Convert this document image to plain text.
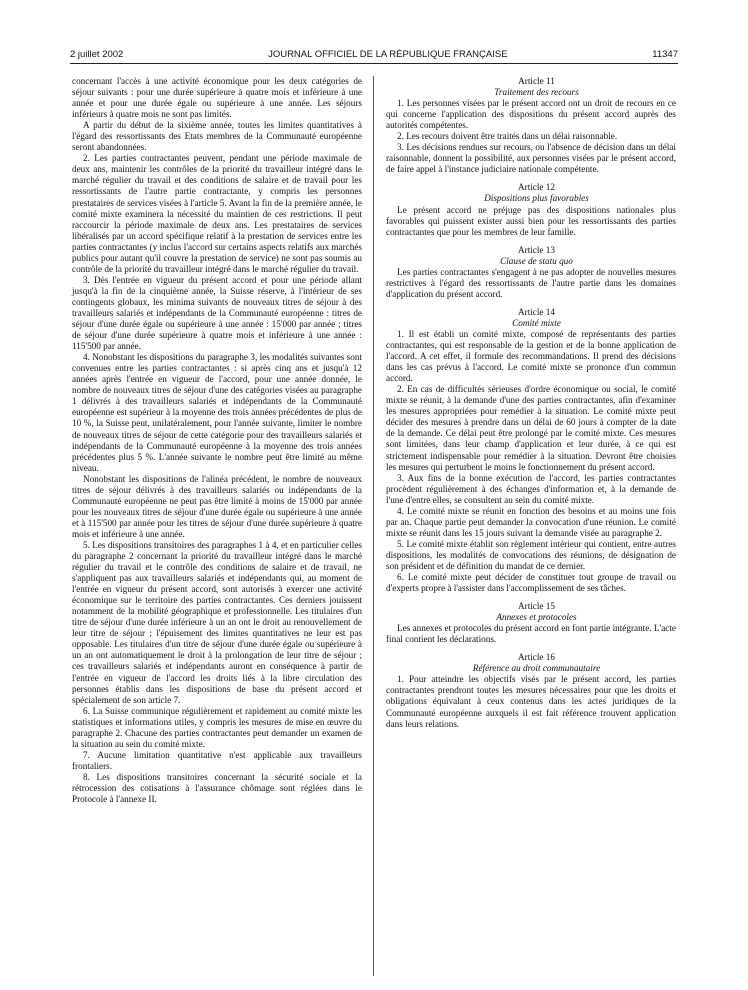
2 juillet 2002	JOURNAL OFFICIEL DE LA RÉPUBLIQUE FRANÇAISE	11347

concernant l'accès à une activité économique pour les deux catégories de séjour suivants : pour une durée supérieure à quatre mois et inférieure à une année et pour une durée égale ou supérieure à une année. Les séjours inférieurs à quatre mois ne sont pas limités.

A partir du début de la sixième année, toutes les limites quantitatives à l'égard des ressortissants des Etats membres de la Communauté européenne seront abandonnées.

2. Les parties contractantes peuvent, pendant une période maximale de deux ans, maintenir les contrôles de la priorité du travailleur intégré dans le marché régulier du travail et des conditions de salaire et de travail pour les ressortissants de l'autre partie contractante, y compris les personnes prestataires de services visées à l'article 5. Avant la fin de la première année, le comité mixte examinera la nécessité du maintien de ces restrictions. Il peut raccourcir la période maximale de deux ans. Les prestataires de services libéralisés par un accord spécifique relatif à la prestation de services entre les parties contractantes (y inclus l'accord sur certains aspects relatifs aux marchés publics pour autant qu'il couvre la prestation de service) ne sont pas soumis au contrôle de la priorité du travailleur intégré dans le marché régulier du travail.

3. Dès l'entrée en vigueur du présent accord et pour une période allant jusqu'à la fin de la cinquième année, la Suisse réserve, à l'intérieur de ses contingents globaux, les minima suivants de nouveaux titres de séjour à des travailleurs salariés et indépendants de la Communauté européenne : titres de séjour d'une durée égale ou supérieure à une année : 15'000 par année ; titres de séjour d'une durée supérieure à quatre mois et inférieure à une année : 115'500 par année.

4. Nonobstant les dispositions du paragraphe 3, les modalités suivantes sont convenues entre les parties contractantes : si après cinq ans et jusqu'à 12 années après l'entrée en vigueur de l'accord, pour une année donnée, le nombre de nouveaux titres de séjour d'une des catégories visées au paragraphe 1 délivrés à des travailleurs salariés et indépendants de la Communauté européenne est supérieur à la moyenne des trois années précédentes de plus de 10 %, la Suisse peut, unilatéralement, pour l'année suivante, limiter le nombre de nouveaux titres de séjour de cette catégorie pour des travailleurs salariés et indépendants de la Communauté européenne à la moyenne des trois années précédentes plus 5 %. L'année suivante le nombre peut être limité au même niveau.

Nonobstant les dispositions de l'alinéa précédent, le nombre de nouveaux titres de séjour délivrés à des travailleurs salariés ou indépendants de la Communauté européenne ne peut pas être limité à moins de 15'000 par année pour les nouveaux titres de séjour d'une durée égale ou supérieure à une année et à 115'500 par année pour les titres de séjour d'une durée supérieure à quatre mois et inférieure à une année.

5. Les dispositions transitoires des paragraphes 1 à 4, et en particulier celles du paragraphe 2 concernant la priorité du travailleur intégré dans le marché régulier du travail et le contrôle des conditions de salaire et de travail, ne s'appliquent pas aux travailleurs salariés et indépendants qui, au moment de l'entrée en vigueur du présent accord, sont autorisés à exercer une activité économique sur le territoire des parties contractantes. Ces derniers jouissent notamment de la mobilité géographique et professionnelle. Les titulaires d'un titre de séjour d'une durée inférieure à un an ont le droit au renouvellement de leur titre de séjour ; l'épuisement des limites quantitatives ne leur est pas opposable. Les titulaires d'un titre de séjour d'une durée égale ou supérieure à un an ont automatiquement le droit à la prolongation de leur titre de séjour ; ces travailleurs salariés et indépendants auront en conséquence à partir de l'entrée en vigueur de l'accord les droits liés à la libre circulation des personnes établis dans les dispositions de base du présent accord et spécialement de son article 7.

6. La Suisse communique régulièrement et rapidement au comité mixte les statistiques et informations utiles, y compris les mesures de mise en œuvre du paragraphe 2. Chacune des parties contractantes peut demander un examen de la situation au sein du comité mixte.

7. Aucune limitation quantitative n'est applicable aux travailleurs frontaliers.

8. Les dispositions transitoires concernant la sécurité sociale et la rétrocession des cotisations à l'assurance chômage sont réglées dans le Protocole à l'annexe II.

Article 11

Traitement des recours

1. Les personnes visées par le présent accord ont un droit de recours en ce qui concerne l'application des dispositions du présent accord auprès des autorités compétentes.

2. Les recours doivent être traités dans un délai raisonnable.

3. Les décisions rendues sur recours, ou l'absence de décision dans un délai raisonnable, donnent la possibilité, aux personnes visées par le présent accord, de faire appel à l'instance judiciaire nationale compétente.

Article 12

Dispositions plus favorables

Le présent accord ne préjuge pas des dispositions nationales plus favorables qui puissent exister aussi bien pour les ressortissants des parties contractantes que pour les membres de leur famille.

Article 13

Clause de statu quo

Les parties contractantes s'engagent à ne pas adopter de nouvelles mesures restrictives à l'égard des ressortissants de l'autre partie dans les domaines d'application du présent accord.

Article 14

Comité mixte

1. Il est établi un comité mixte, composé de représentants des parties contractantes, qui est responsable de la gestion et de la bonne application de l'accord. A cet effet, il formule des recommandations. Il prend des décisions dans les cas prévus à l'accord. Le comité mixte se prononce d'un commun accord.

2. En cas de difficultés sérieuses d'ordre économique ou social, le comité mixte se réunit, à la demande d'une des parties contractantes, afin d'examiner les mesures appropriées pour remédier à la situation. Le comité mixte peut décider des mesures à prendre dans un délai de 60 jours à compter de la date de la demande. Ce délai peut être prolongé par le comité mixte. Ces mesures sont limitées, dans leur champ d'application et leur durée, à ce qui est strictement indispensable pour remédier à la situation. Devront être choisies les mesures qui perturbent le moins le fonctionnement du présent accord.

3. Aux fins de la bonne exécution de l'accord, les parties contractantes procèdent régulièrement à des échanges d'information et, à la demande de l'une d'entre elles, se consultent au sein du comité mixte.

4. Le comité mixte se réunit en fonction des besoins et au moins une fois par an. Chaque partie peut demander la convocation d'une réunion. Le comité mixte se réunit dans les 15 jours suivant la demande visée au paragraphe 2.

5. Le comité mixte établit son règlement intérieur qui contient, entre autres dispositions, les modalités de convocations des réunions, de désignation de son président et de définition du mandat de ce dernier.

6. Le comité mixte peut décider de constituer tout groupe de travail ou d'experts propre à l'assister dans l'accomplissement de ses tâches.

Article 15

Annexes et protocoles

Les annexes et protocoles du présent accord en font partie intégrante. L'acte final contient les déclarations.

Article 16

Référence au droit communautaire

1. Pour atteindre les objectifs visés par le présent accord, les parties contractantes prendront toutes les mesures nécessaires pour que les droits et obligations équivalant à ceux contenus dans les actes juridiques de la Communauté européenne auxquels il est fait référence trouvent application dans leurs relations.
